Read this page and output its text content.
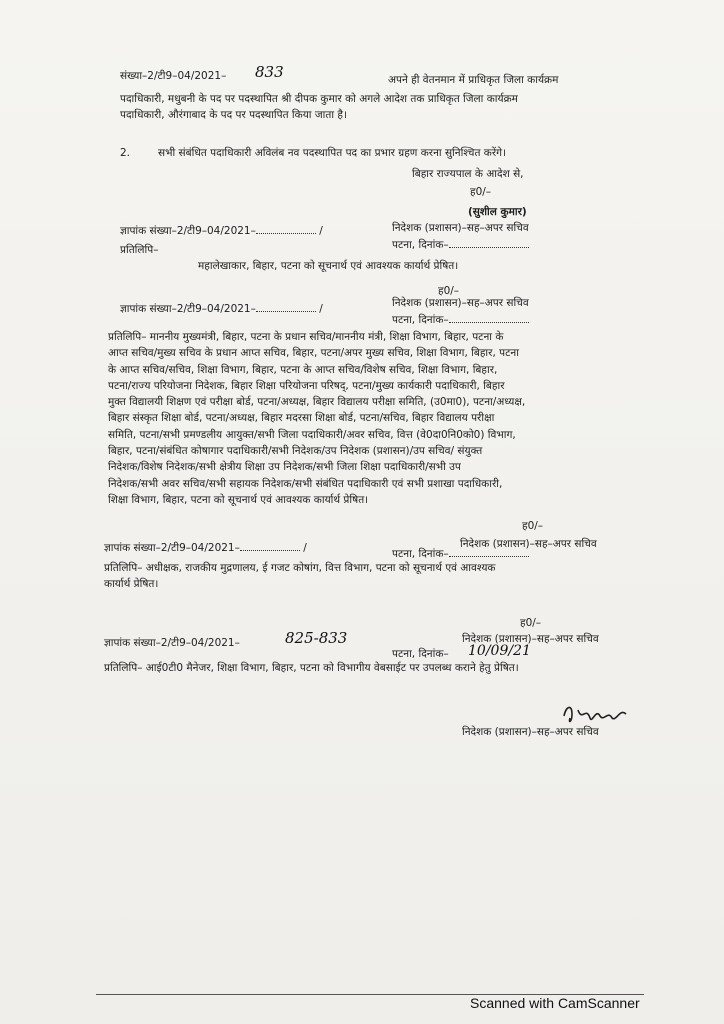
संख्या–2/टी9–04/2021– 833	अपने ही वेतनमान में प्राधिकृत जिला कार्यक्रम
पदाधिकारी, मधुबनी के पद पर पदस्थापित श्री दीपक कुमार को अगले आदेश तक प्राधिकृत जिला कार्यक्रम
पदाधिकारी, औरंगाबाद के पद पर पदस्थापित किया जाता है।
2.	सभी संबंधित पदाधिकारी अविलंब नव पदस्थापित पद का प्रभार ग्रहण करना सुनिश्चित करेंगे।
बिहार राज्यपाल के आदेश से,
ह0/–
(सुशील कुमार)
निदेशक (प्रशासन)–सह–अपर सचिव
ज्ञापांक संख्या–2/टी9–04/2021–	/
पटना, दिनांक–
प्रतिलिपि–
महालेखाकार, बिहार, पटना को सूचनार्थ एवं आवश्यक कार्यार्थ प्रेषित।
ह0/–
निदेशक (प्रशासन)–सह–अपर सचिव
ज्ञापांक संख्या–2/टी9–04/2021–	/
पटना, दिनांक–
प्रतिलिपि– माननीय मुख्यमंत्री, बिहार, पटना के प्रधान सचिव/माननीय मंत्री, शिक्षा विभाग, बिहार, पटना के
आप्त सचिव/मुख्य सचिव के प्रधान आप्त सचिव, बिहार, पटना/अपर मुख्य सचिव, शिक्षा विभाग, बिहार, पटना
के आप्त सचिव/सचिव, शिक्षा विभाग, बिहार, पटना के आप्त सचिव/विशेष सचिव, शिक्षा विभाग, बिहार,
पटना/राज्य परियोजना निदेशक, बिहार शिक्षा परियोजना परिषद्, पटना/मुख्य कार्यकारी पदाधिकारी, बिहार
मुक्त विद्यालयी शिक्षण एवं परीक्षा बोर्ड, पटना/अध्यक्ष, बिहार विद्यालय परीक्षा समिति, (उ0मा0), पटना/अध्यक्ष,
बिहार संस्कृत शिक्षा बोर्ड, पटना/अध्यक्ष, बिहार मदरसा शिक्षा बोर्ड, पटना/सचिव, बिहार विद्यालय परीक्षा
समिति, पटना/सभी प्रमण्डलीय आयुक्त/सभी जिला पदाधिकारी/अवर सचिव, वित्त (वे0दा0नि0को0) विभाग,
बिहार, पटना/संबंधित कोषागार पदाधिकारी/सभी निदेशक/उप निदेशक (प्रशासन)/उप सचिव/ संयुक्त
निदेशक/विशेष निदेशक/सभी क्षेत्रीय शिक्षा उप निदेशक/सभी जिला शिक्षा पदाधिकारी/सभी उप
निदेशक/सभी अवर सचिव/सभी सहायक निदेशक/सभी संबंधित पदाधिकारी एवं सभी प्रशाखा पदाधिकारी,
शिक्षा विभाग, बिहार, पटना को सूचनार्थ एवं आवश्यक कार्यार्थ प्रेषित।
ह0/–
निदेशक (प्रशासन)–सह–अपर सचिव
ज्ञापांक संख्या–2/टी9–04/2021–	/	पटना, दिनांक–
प्रतिलिपि– अधीक्षक, राजकीय मुद्रणालय, ई गजट कोषांग, वित्त विभाग, पटना को सूचनार्थ एवं आवश्यक
कार्यार्थ प्रेषित।
ह0/–
निदेशक (प्रशासन)–सह–अपर सचिव
ज्ञापांक संख्या–2/टी9–04/2021–	825-833
पटना, दिनांक– 10/09/21
प्रतिलिपि– आई0टी0 मैनेजर, शिक्षा विभाग, बिहार, पटना को विभागीय वेबसाईट पर उपलब्ध कराने हेतु प्रेषित।
निदेशक (प्रशासन)–सह–अपर सचिव
Scanned with CamScanner
